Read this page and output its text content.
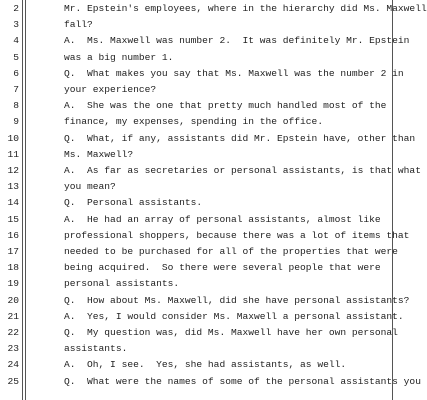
2	Mr. Epstein's employees, where in the hierarchy did Ms. Maxwell
3	fall?
4	A.  Ms. Maxwell was number 2.  It was definitely Mr. Epstein
5	was a big number 1.
6	Q.  What makes you say that Ms. Maxwell was the number 2 in
7	your experience?
8	A.  She was the one that pretty much handled most of the
9	finance, my expenses, spending in the office.
10	Q.  What, if any, assistants did Mr. Epstein have, other than
11	Ms. Maxwell?
12	A.  As far as secretaries or personal assistants, is that what
13	you mean?
14	Q.  Personal assistants.
15	A.  He had an array of personal assistants, almost like
16	professional shoppers, because there was a lot of items that
17	needed to be purchased for all of the properties that were
18	being acquired.  So there were several people that were
19	personal assistants.
20	Q.  How about Ms. Maxwell, did she have personal assistants?
21	A.  Yes, I would consider Ms. Maxwell a personal assistant.
22	Q.  My question was, did Ms. Maxwell have her own personal
23	assistants.
24	A.  Oh, I see.  Yes, she had assistants, as well.
25	Q.  What were the names of some of the personal assistants you
